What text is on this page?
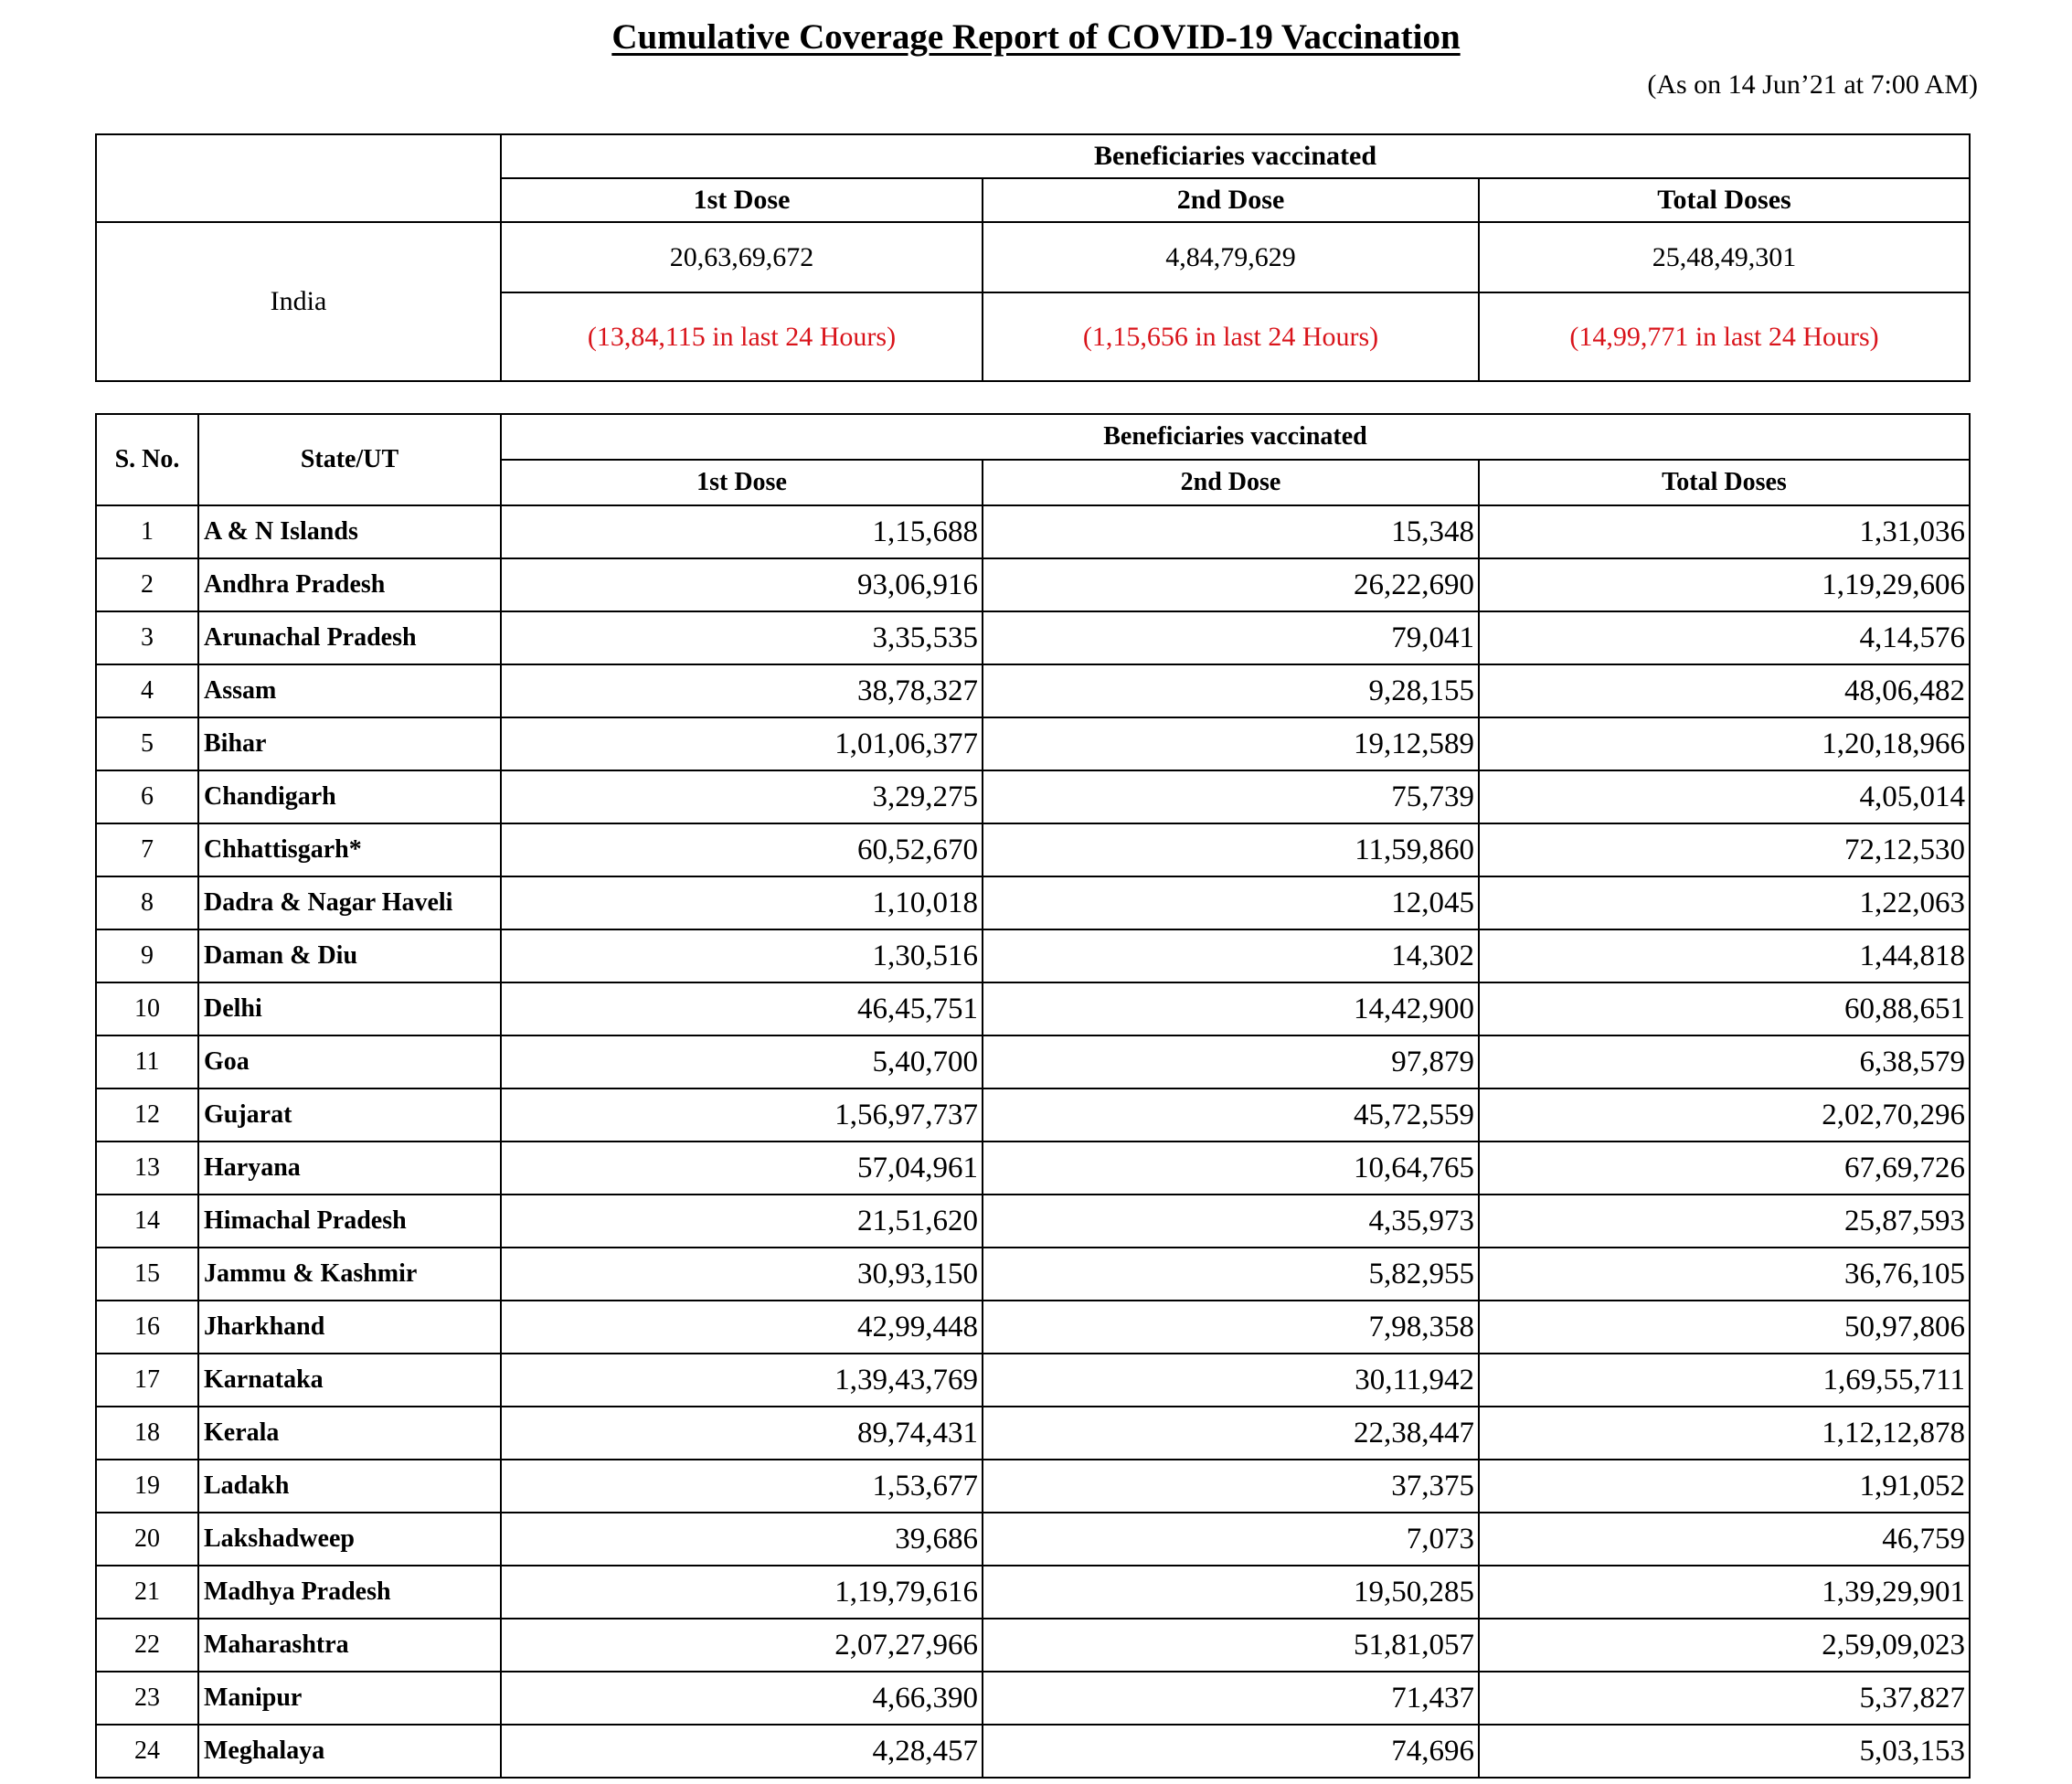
Cumulative Coverage Report of COVID-19 Vaccination
(As on 14 Jun’21 at 7:00 AM)
	Beneficiaries vaccinated		
	1st Dose	2nd Dose	Total Doses
India	20,63,69,672	4,84,79,629	25,48,49,301
	(13,84,115 in last 24 Hours)	(1,15,656 in last 24 Hours)	(14,99,771 in last 24 Hours)
S. No.	State/UT	Beneficiaries vaccinated		
		1st Dose	2nd Dose	Total Doses
1	A & N Islands	1,15,688	15,348	1,31,036
2	Andhra Pradesh	93,06,916	26,22,690	1,19,29,606
3	Arunachal Pradesh	3,35,535	79,041	4,14,576
4	Assam	38,78,327	9,28,155	48,06,482
5	Bihar	1,01,06,377	19,12,589	1,20,18,966
6	Chandigarh	3,29,275	75,739	4,05,014
7	Chhattisgarh*	60,52,670	11,59,860	72,12,530
8	Dadra & Nagar Haveli	1,10,018	12,045	1,22,063
9	Daman & Diu	1,30,516	14,302	1,44,818
10	Delhi	46,45,751	14,42,900	60,88,651
11	Goa	5,40,700	97,879	6,38,579
12	Gujarat	1,56,97,737	45,72,559	2,02,70,296
13	Haryana	57,04,961	10,64,765	67,69,726
14	Himachal Pradesh	21,51,620	4,35,973	25,87,593
15	Jammu & Kashmir	30,93,150	5,82,955	36,76,105
16	Jharkhand	42,99,448	7,98,358	50,97,806
17	Karnataka	1,39,43,769	30,11,942	1,69,55,711
18	Kerala	89,74,431	22,38,447	1,12,12,878
19	Ladakh	1,53,677	37,375	1,91,052
20	Lakshadweep	39,686	7,073	46,759
21	Madhya Pradesh	1,19,79,616	19,50,285	1,39,29,901
22	Maharashtra	2,07,27,966	51,81,057	2,59,09,023
23	Manipur	4,66,390	71,437	5,37,827
24	Meghalaya	4,28,457	74,696	5,03,153
